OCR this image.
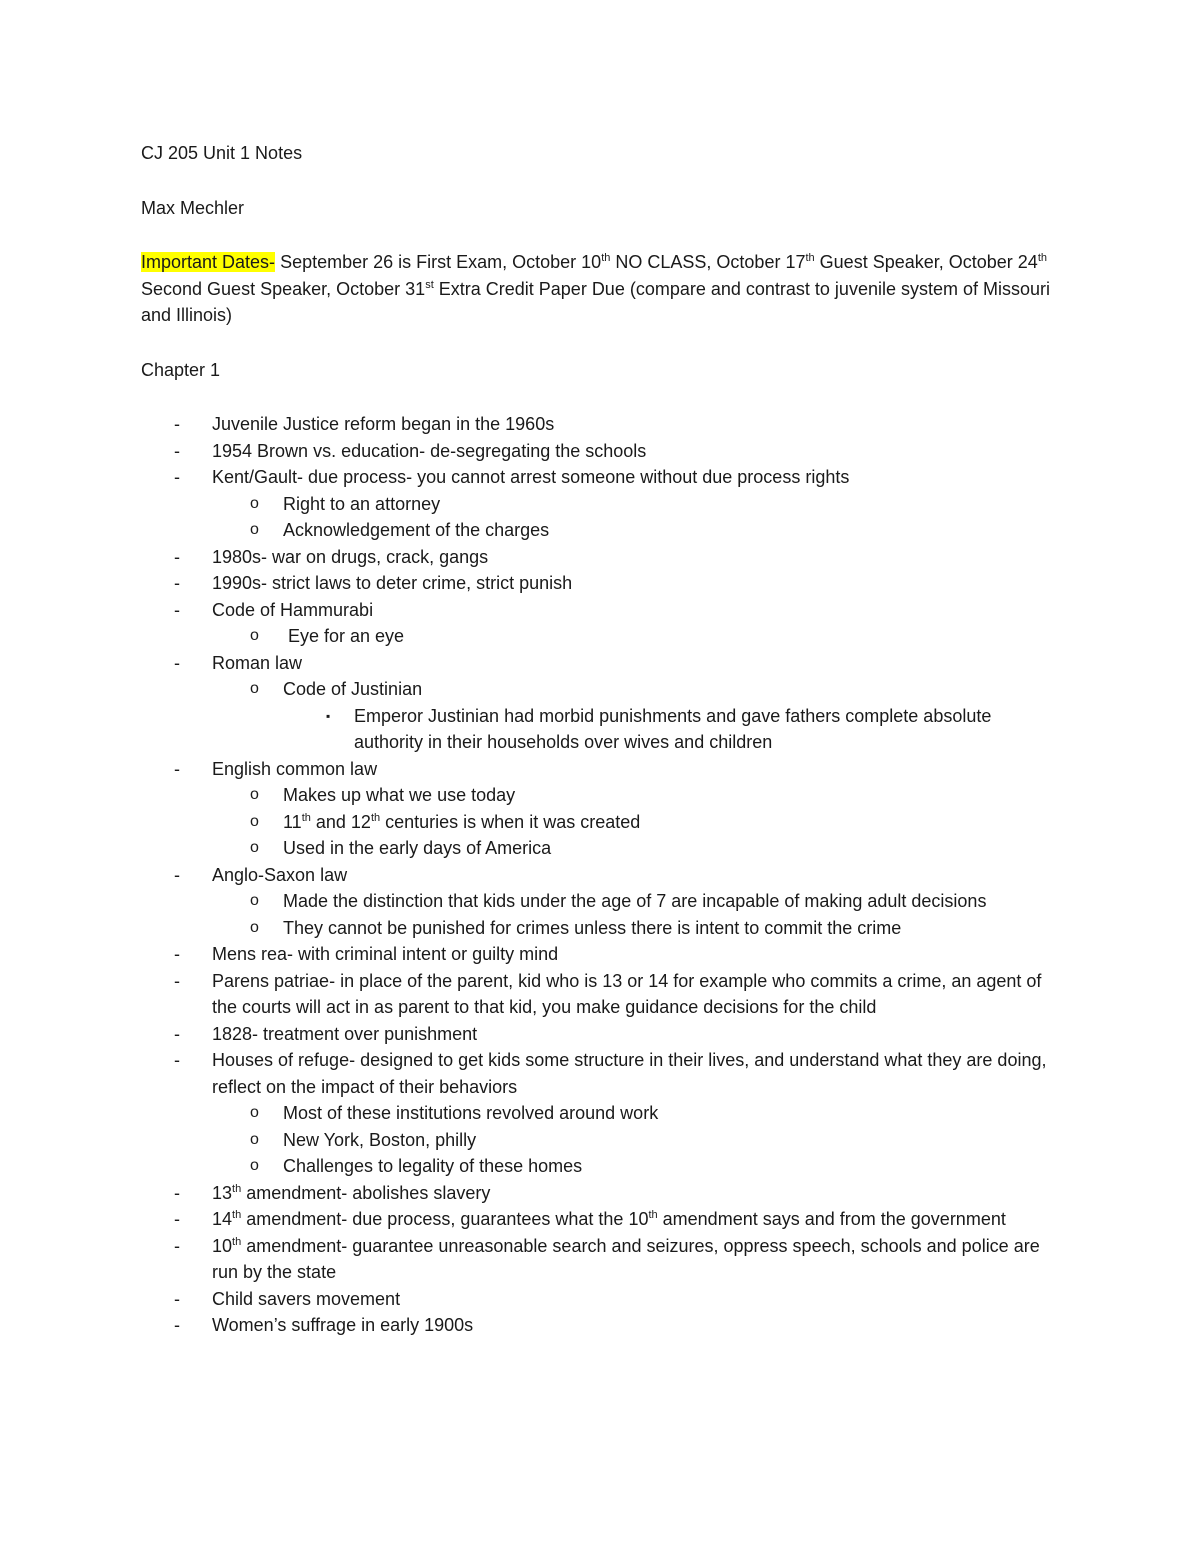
CJ 205 Unit 1 Notes

Max Mechler

Important Dates- September 26 is First Exam, October 10th NO CLASS, October 17th Guest Speaker, October 24th Second Guest Speaker, October 31st Extra Credit Paper Due (compare and contrast to juvenile system of Missouri and Illinois)

Chapter 1

- Juvenile Justice reform began in the 1960s
- 1954 Brown vs. education- de-segregating the schools
- Kent/Gault- due process- you cannot arrest someone without due process rights
o Right to an attorney
o Acknowledgement of the charges
- 1980s- war on drugs, crack, gangs
- 1990s- strict laws to deter crime, strict punish
- Code of Hammurabi
o Eye for an eye
- Roman law
o Code of Justinian
▪ Emperor Justinian had morbid punishments and gave fathers complete absolute authority in their households over wives and children
- English common law
o Makes up what we use today
o 11th and 12th centuries is when it was created
o Used in the early days of America
- Anglo-Saxon law
o Made the distinction that kids under the age of 7 are incapable of making adult decisions
o They cannot be punished for crimes unless there is intent to commit the crime
- Mens rea- with criminal intent or guilty mind
- Parens patriae- in place of the parent, kid who is 13 or 14 for example who commits a crime, an agent of the courts will act in as parent to that kid, you make guidance decisions for the child
- 1828- treatment over punishment
- Houses of refuge- designed to get kids some structure in their lives, and understand what they are doing, reflect on the impact of their behaviors
o Most of these institutions revolved around work
o New York, Boston, philly
o Challenges to legality of these homes
- 13th amendment- abolishes slavery
- 14th amendment- due process, guarantees what the 10th amendment says and from the government
- 10th amendment- guarantee unreasonable search and seizures, oppress speech, schools and police are run by the state
- Child savers movement
- Women’s suffrage in early 1900s
